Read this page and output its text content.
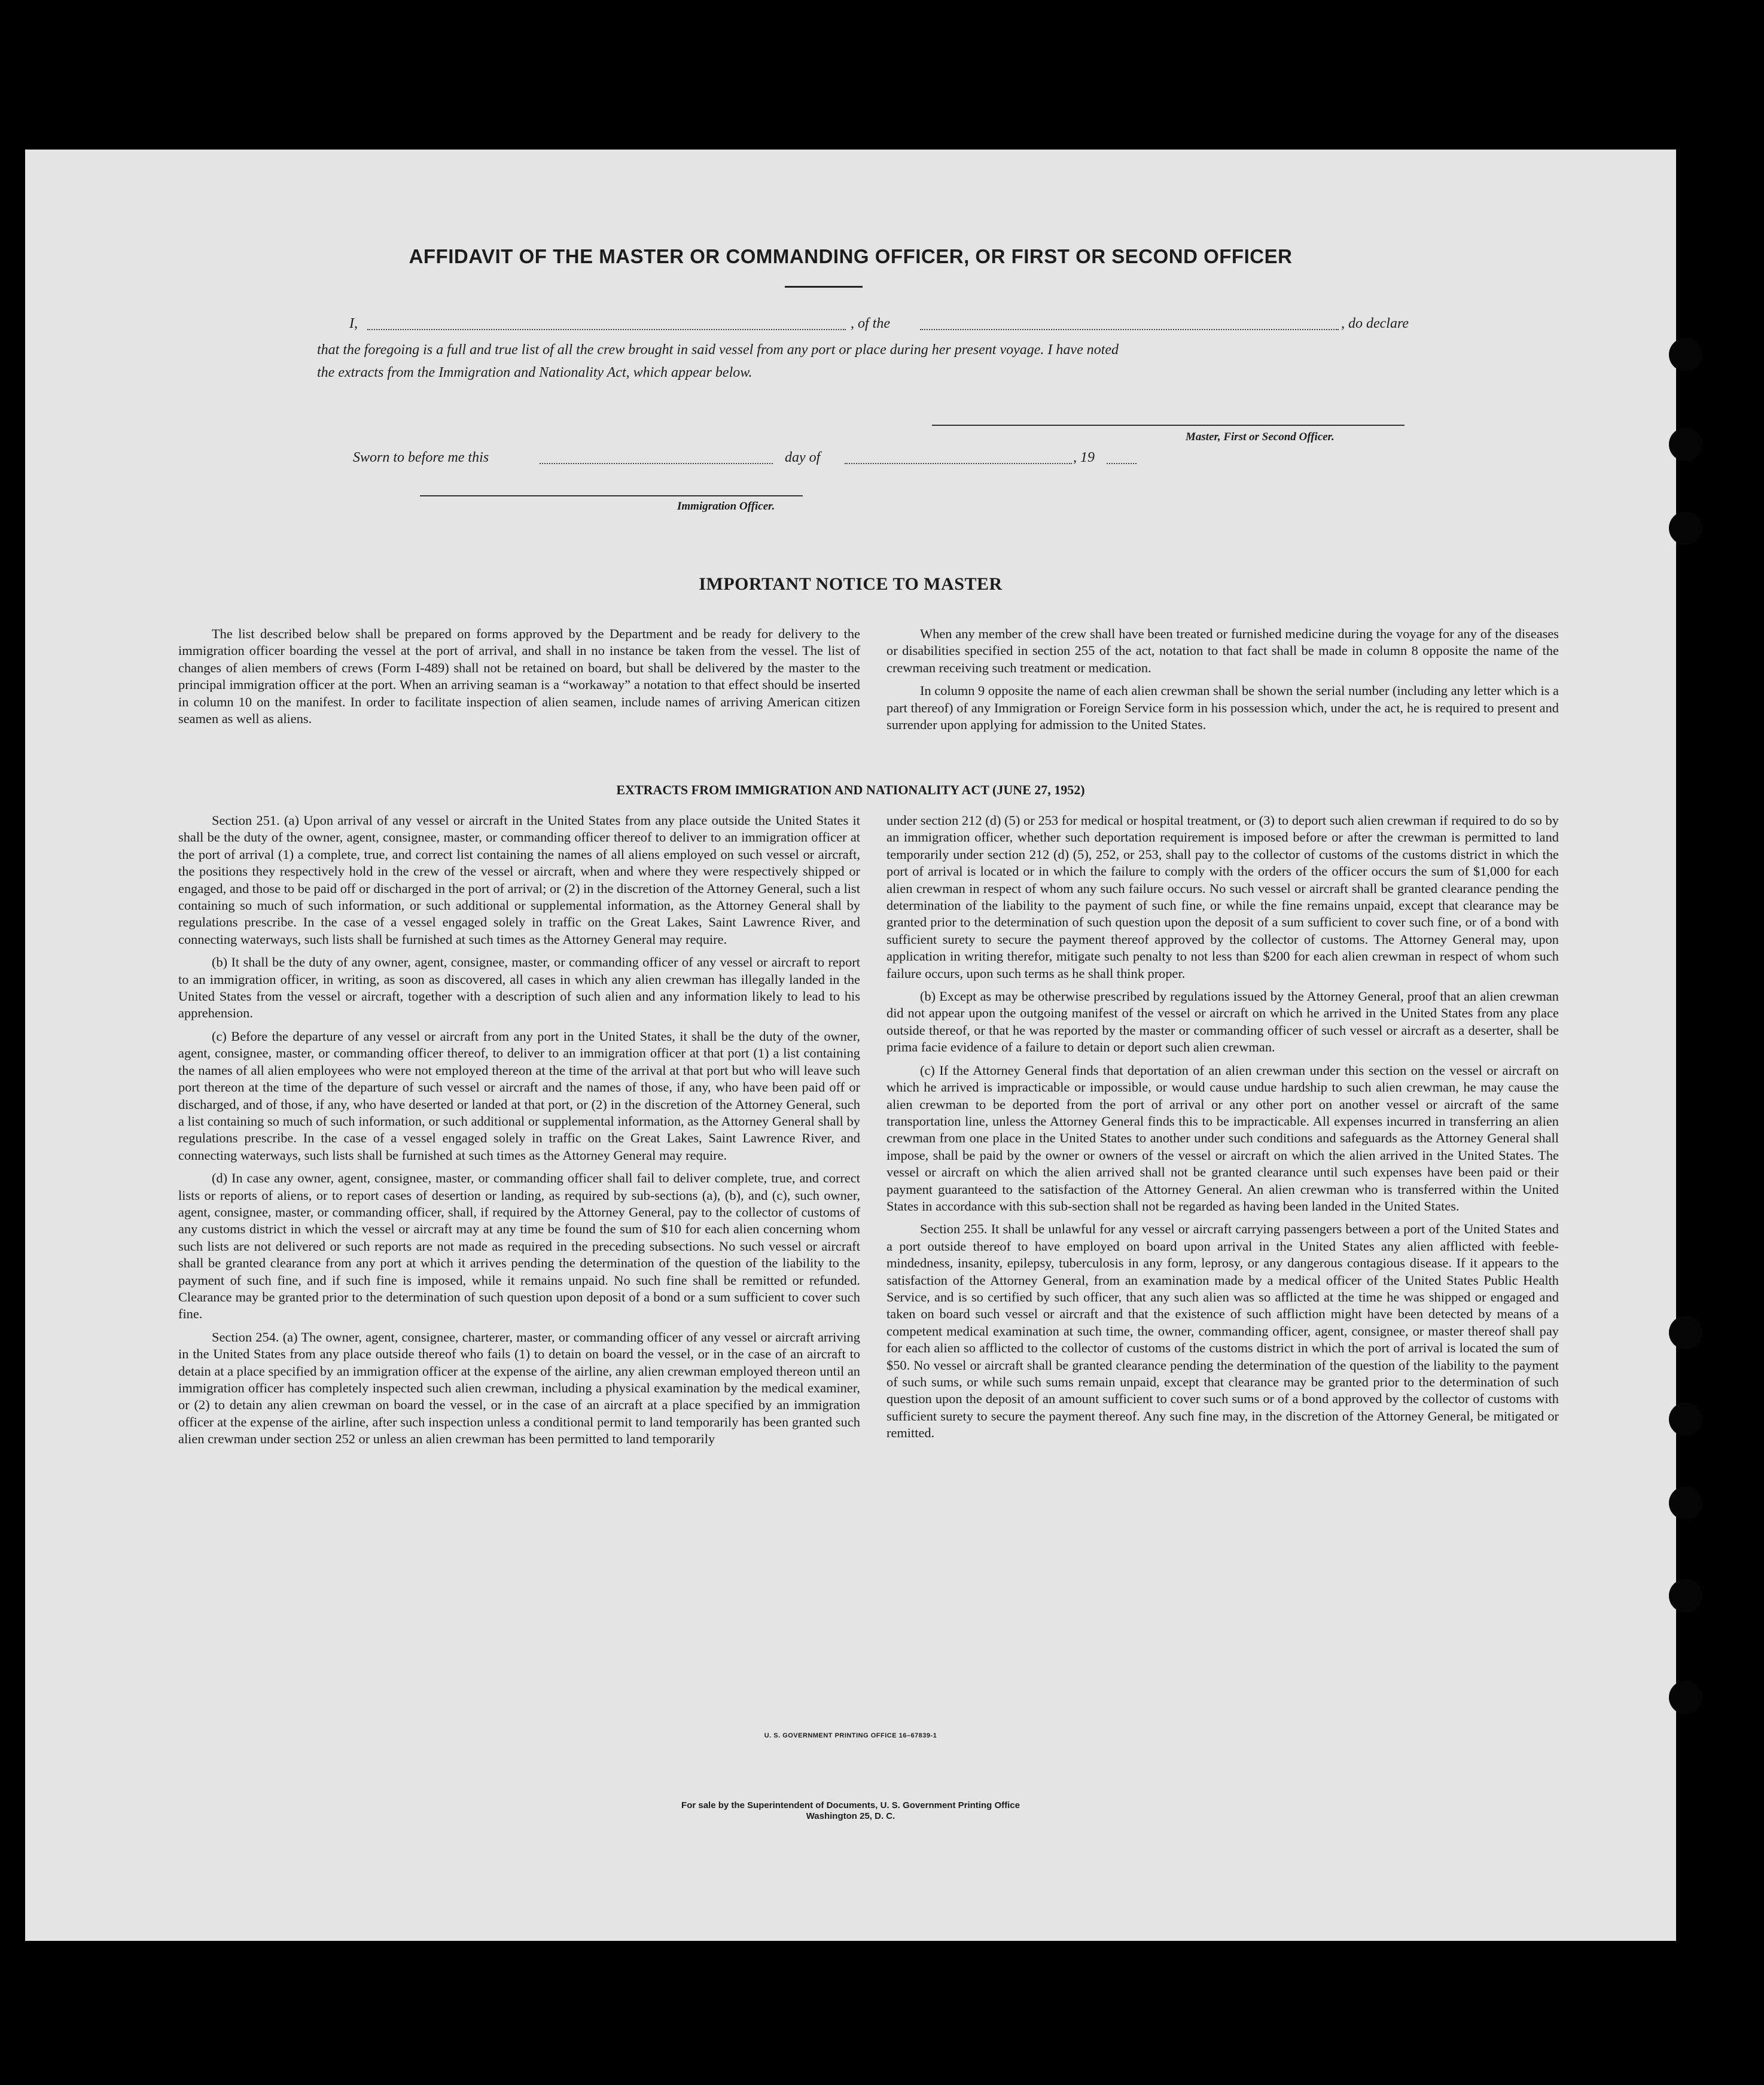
AFFIDAVIT OF THE MASTER OR COMMANDING OFFICER, OR FIRST OR SECOND OFFICER
I,	, of the	, do declare
that the foregoing is a full and true list of all the crew brought in said vessel from any port or place during her present voyage. I have noted
the extracts from the Immigration and Nationality Act, which appear below.
Master, First or Second Officer.
Sworn to before me this	day of	, 19
Immigration Officer.
IMPORTANT NOTICE TO MASTER

The list described below shall be prepared on forms approved by the Department and be ready for delivery to the immigration officer boarding the vessel at the port of arrival, and shall in no instance be taken from the vessel. The list of changes of alien members of crews (Form I-489) shall not be retained on board, but shall be delivered by the master to the principal immigration officer at the port. When an arriving seaman is a “workaway” a notation to that effect should be inserted in column 10 on the manifest. In order to facilitate inspection of alien seamen, include names of arriving American citizen seamen as well as aliens.

When any member of the crew shall have been treated or furnished medicine during the voyage for any of the diseases or disabilities specified in section 255 of the act, notation to that fact shall be made in column 8 opposite the name of the crewman receiving such treatment or medication.

In column 9 opposite the name of each alien crewman shall be shown the serial number (including any letter which is a part thereof) of any Immigration or Foreign Service form in his possession which, under the act, he is required to present and surrender upon applying for admission to the United States.

EXTRACTS FROM IMMIGRATION AND NATIONALITY ACT (JUNE 27, 1952)

Section 251. (a) Upon arrival of any vessel or aircraft in the United States from any place outside the United States it shall be the duty of the owner, agent, consignee, master, or commanding officer thereof to deliver to an immigration officer at the port of arrival (1) a complete, true, and correct list containing the names of all aliens employed on such vessel or aircraft, the positions they respectively hold in the crew of the vessel or aircraft, when and where they were respectively shipped or engaged, and those to be paid off or discharged in the port of arrival; or (2) in the discretion of the Attorney General, such a list containing so much of such information, or such additional or supplemental information, as the Attorney General shall by regulations prescribe. In the case of a vessel engaged solely in traffic on the Great Lakes, Saint Lawrence River, and connecting waterways, such lists shall be furnished at such times as the Attorney General may require.

(b) It shall be the duty of any owner, agent, consignee, master, or commanding officer of any vessel or aircraft to report to an immigration officer, in writing, as soon as discovered, all cases in which any alien crewman has illegally landed in the United States from the vessel or aircraft, together with a description of such alien and any information likely to lead to his apprehension.

(c) Before the departure of any vessel or aircraft from any port in the United States, it shall be the duty of the owner, agent, consignee, master, or commanding officer thereof, to deliver to an immigration officer at that port (1) a list containing the names of all alien employees who were not employed thereon at the time of the arrival at that port but who will leave such port thereon at the time of the departure of such vessel or aircraft and the names of those, if any, who have been paid off or discharged, and of those, if any, who have deserted or landed at that port, or (2) in the discretion of the Attorney General, such a list containing so much of such information, or such additional or supplemental information, as the Attorney General shall by regulations prescribe. In the case of a vessel engaged solely in traffic on the Great Lakes, Saint Lawrence River, and connecting waterways, such lists shall be furnished at such times as the Attorney General may require.

(d) In case any owner, agent, consignee, master, or commanding officer shall fail to deliver complete, true, and correct lists or reports of aliens, or to report cases of desertion or landing, as required by sub-sections (a), (b), and (c), such owner, agent, consignee, master, or commanding officer, shall, if required by the Attorney General, pay to the collector of customs of any customs district in which the vessel or aircraft may at any time be found the sum of $10 for each alien concerning whom such lists are not delivered or such reports are not made as required in the preceding subsections. No such vessel or aircraft shall be granted clearance from any port at which it arrives pending the determination of the question of the liability to the payment of such fine, and if such fine is imposed, while it remains unpaid. No such fine shall be remitted or refunded. Clearance may be granted prior to the determination of such question upon deposit of a bond or a sum sufficient to cover such fine.

Section 254. (a) The owner, agent, consignee, charterer, master, or commanding officer of any vessel or aircraft arriving in the United States from any place outside thereof who fails (1) to detain on board the vessel, or in the case of an aircraft to detain at a place specified by an immigration officer at the expense of the airline, any alien crewman employed thereon until an immigration officer has completely inspected such alien crewman, including a physical examination by the medical examiner, or (2) to detain any alien crewman on board the vessel, or in the case of an aircraft at a place specified by an immigration officer at the expense of the airline, after such inspection unless a conditional permit to land temporarily has been granted such alien crewman under section 252 or unless an alien crewman has been permitted to land temporarily

under section 212 (d) (5) or 253 for medical or hospital treatment, or (3) to deport such alien crewman if required to do so by an immigration officer, whether such deportation requirement is imposed before or after the crewman is permitted to land temporarily under section 212 (d) (5), 252, or 253, shall pay to the collector of customs of the customs district in which the port of arrival is located or in which the failure to comply with the orders of the officer occurs the sum of $1,000 for each alien crewman in respect of whom any such failure occurs. No such vessel or aircraft shall be granted clearance pending the determination of the liability to the payment of such fine, or while the fine remains unpaid, except that clearance may be granted prior to the determination of such question upon the deposit of a sum sufficient to cover such fine, or of a bond with sufficient surety to secure the payment thereof approved by the collector of customs. The Attorney General may, upon application in writing therefor, mitigate such penalty to not less than $200 for each alien crewman in respect of whom such failure occurs, upon such terms as he shall think proper.

(b) Except as may be otherwise prescribed by regulations issued by the Attorney General, proof that an alien crewman did not appear upon the outgoing manifest of the vessel or aircraft on which he arrived in the United States from any place outside thereof, or that he was reported by the master or commanding officer of such vessel or aircraft as a deserter, shall be prima facie evidence of a failure to detain or deport such alien crewman.

(c) If the Attorney General finds that deportation of an alien crewman under this section on the vessel or aircraft on which he arrived is impracticable or impossible, or would cause undue hardship to such alien crewman, he may cause the alien crewman to be deported from the port of arrival or any other port on another vessel or aircraft of the same transportation line, unless the Attorney General finds this to be impracticable. All expenses incurred in transferring an alien crewman from one place in the United States to another under such conditions and safeguards as the Attorney General shall impose, shall be paid by the owner or owners of the vessel or aircraft on which the alien arrived in the United States. The vessel or aircraft on which the alien arrived shall not be granted clearance until such expenses have been paid or their payment guaranteed to the satisfaction of the Attorney General. An alien crewman who is transferred within the United States in accordance with this sub-section shall not be regarded as having been landed in the United States.

Section 255. It shall be unlawful for any vessel or aircraft carrying passengers between a port of the United States and a port outside thereof to have employed on board upon arrival in the United States any alien afflicted with feeble-mindedness, insanity, epilepsy, tuberculosis in any form, leprosy, or any dangerous contagious disease. If it appears to the satisfaction of the Attorney General, from an examination made by a medical officer of the United States Public Health Service, and is so certified by such officer, that any such alien was so afflicted at the time he was shipped or engaged and taken on board such vessel or aircraft and that the existence of such affliction might have been detected by means of a competent medical examination at such time, the owner, commanding officer, agent, consignee, or master thereof shall pay for each alien so afflicted to the collector of customs of the customs district in which the port of arrival is located the sum of $50. No vessel or aircraft shall be granted clearance pending the determination of the question of the liability to the payment of such sums, or while such sums remain unpaid, except that clearance may be granted prior to the determination of such question upon the deposit of an amount sufficient to cover such sums or of a bond approved by the collector of customs with sufficient surety to secure the payment thereof. Any such fine may, in the discretion of the Attorney General, be mitigated or remitted.

U. S. GOVERNMENT PRINTING OFFICE 16–67839-1
For sale by the Superintendent of Documents, U. S. Government Printing Office
Washington 25, D. C.
